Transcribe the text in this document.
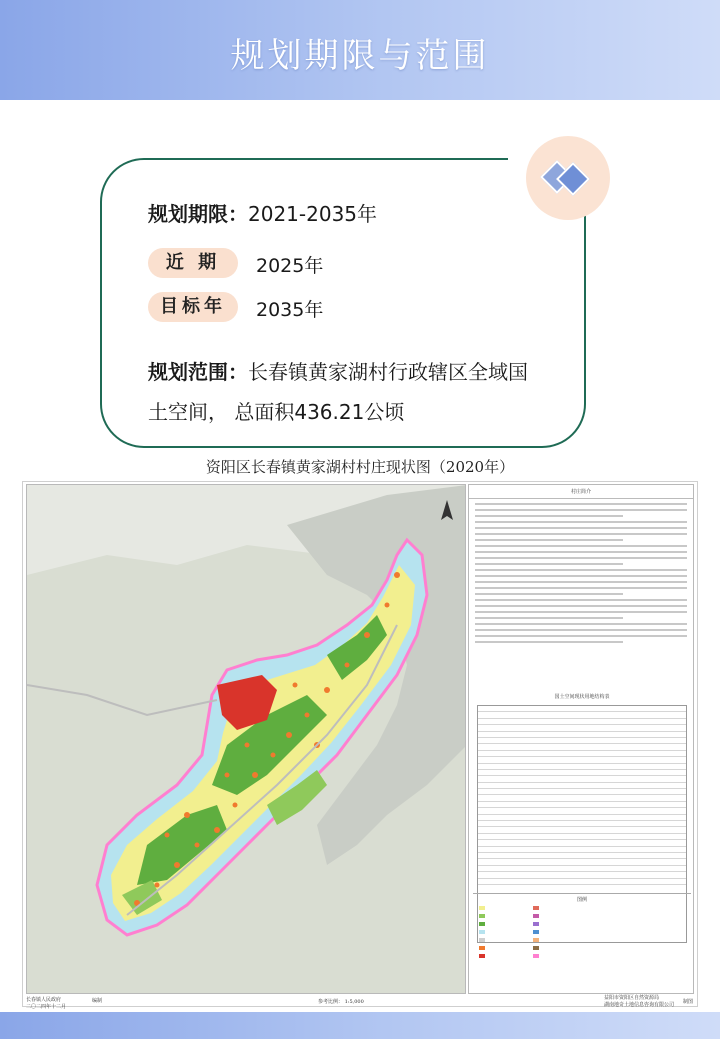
规划期限与范围
规划期限：2021-2035年
近 期	2025年
目标年	2035年
规划范围：长春镇黄家湖村行政辖区全域国
土空间， 总面积436.21公顷
资阳区长春镇黄家湖村村庄现状图（2020年）
村庄简介
国土空间现状用地结构表
图例
长春镇人民政府
二〇二四年十二月
编制	参考比例： 1:5,000
益阳市资阳区自然资源局
湖南地奇土地信息咨询有限公司 制图
